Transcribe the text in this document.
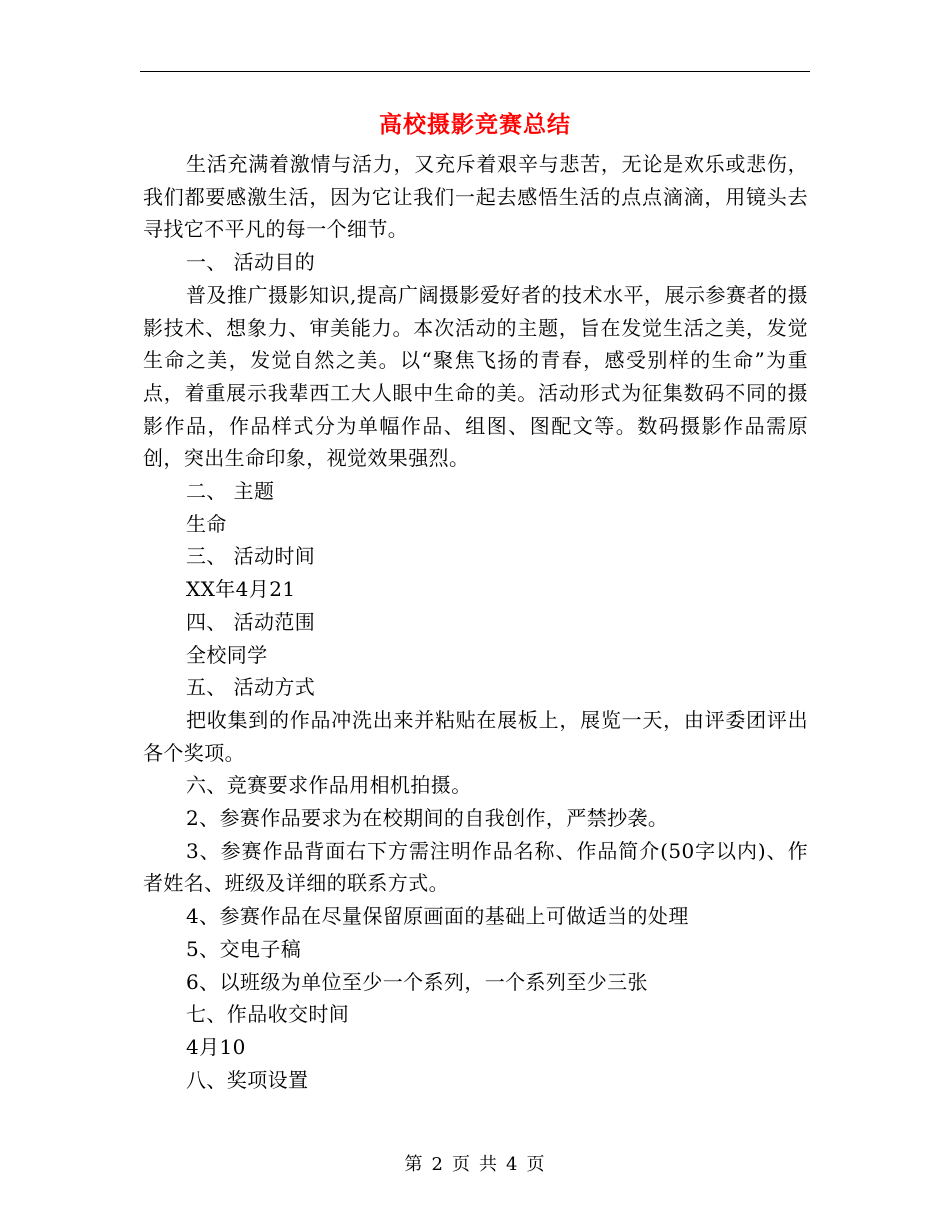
高校摄影竞赛总结

生活充满着激情与活力，又充斥着艰辛与悲苦，无论是欢乐或悲伤，我们都要感激生活，因为它让我们一起去感悟生活的点点滴滴，用镜头去寻找它不平凡的每一个细节。

一、 活动目的

普及推广摄影知识,提高广阔摄影爱好者的技术水平，展示参赛者的摄影技术、想象力、审美能力。本次活动的主题，旨在发觉生活之美，发觉生命之美，发觉自然之美。以“聚焦飞扬的青春，感受别样的生命”为重点，着重展示我辈西工大人眼中生命的美。活动形式为征集数码不同的摄影作品，作品样式分为单幅作品、组图、图配文等。数码摄影作品需原创，突出生命印象，视觉效果强烈。

二、 主题

生命

三、 活动时间

XX年4月21

四、 活动范围

全校同学

五、 活动方式

把收集到的作品冲洗出来并粘贴在展板上，展览一天，由评委团评出各个奖项。

六、竞赛要求作品用相机拍摄。

2、参赛作品要求为在校期间的自我创作，严禁抄袭。

3、参赛作品背面右下方需注明作品名称、作品简介(50字以内)、作者姓名、班级及详细的联系方式。

4、参赛作品在尽量保留原画面的基础上可做适当的处理

5、交电子稿

6、以班级为单位至少一个系列，一个系列至少三张

七、作品收交时间

4月10

八、奖项设置

第 2 页 共 4 页
